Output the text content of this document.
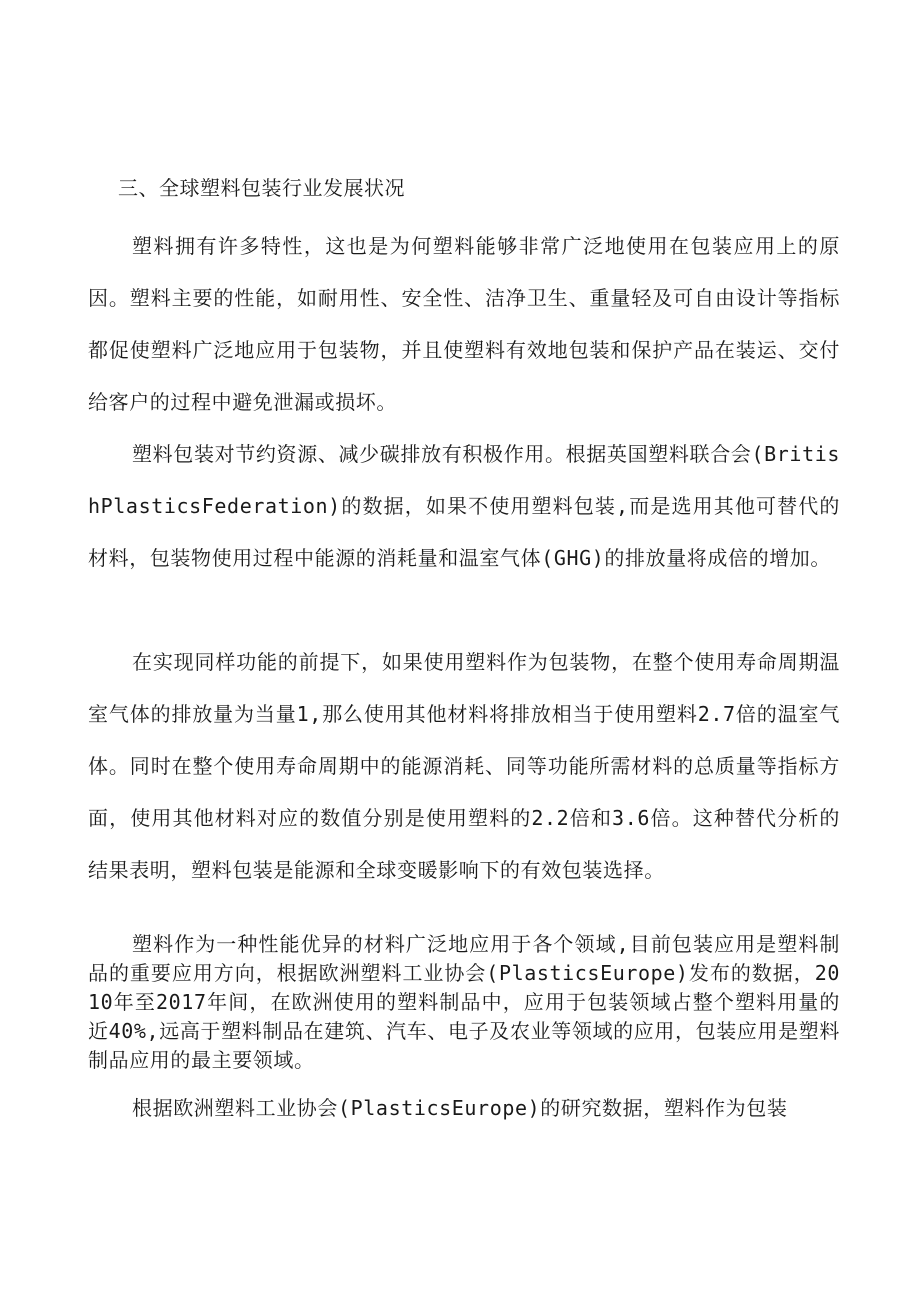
三、全球塑料包装行业发展状况

塑料拥有许多特性，这也是为何塑料能够非常广泛地使用在包装应用上的原因。塑料主要的性能，如耐用性、安全性、洁净卫生、重量轻及可自由设计等指标都促使塑料广泛地应用于包装物，并且使塑料有效地包装和保护产品在装运、交付给客户的过程中避免泄漏或损坏。

塑料包装对节约资源、减少碳排放有积极作用。根据英国塑料联合会(BritishPlasticsFederation)的数据，如果不使用塑料包装,而是选用其他可替代的材料，包装物使用过程中能源的消耗量和温室气体(GHG)的排放量将成倍的增加。

在实现同样功能的前提下，如果使用塑料作为包装物，在整个使用寿命周期温室气体的排放量为当量1,那么使用其他材料将排放相当于使用塑料2.7倍的温室气体。同时在整个使用寿命周期中的能源消耗、同等功能所需材料的总质量等指标方面，使用其他材料对应的数值分别是使用塑料的2.2倍和3.6倍。这种替代分析的结果表明，塑料包装是能源和全球变暖影响下的有效包装选择。

塑料作为一种性能优异的材料广泛地应用于各个领域,目前包装应用是塑料制品的重要应用方向，根据欧洲塑料工业协会(PlasticsEurope)发布的数据，2010年至2017年间，在欧洲使用的塑料制品中，应用于包装领域占整个塑料用量的近40%,远高于塑料制品在建筑、汽车、电子及农业等领域的应用，包装应用是塑料制品应用的最主要领域。

根据欧洲塑料工业协会(PlasticsEurope)的研究数据，塑料作为包装
